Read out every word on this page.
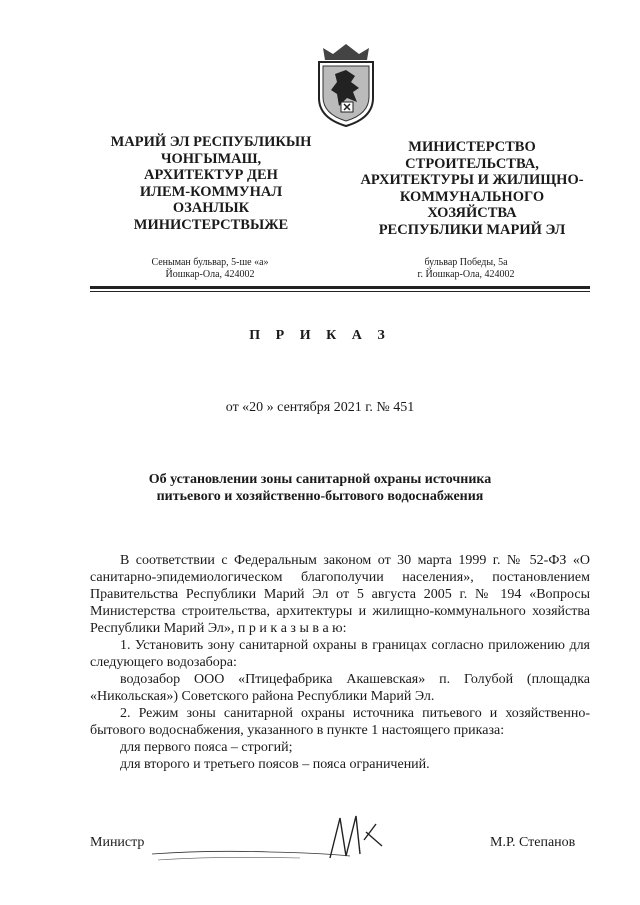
МАРИЙ ЭЛ РЕСПУБЛИКЫН
ЧОНГЫМАШ,
АРХИТЕКТУР ДЕН
ИЛЕМ-КОММУНАЛ
ОЗАНЛЫК
МИНИСТЕРСТВЫЖЕ
МИНИСТЕРСТВО
СТРОИТЕЛЬСТВА,
АРХИТЕКТУРЫ И ЖИЛИЩНО-
КОММУНАЛЬНОГО
ХОЗЯЙСТВА
РЕСПУБЛИКИ МАРИЙ ЭЛ
Сеныман бульвар, 5-ше «а»
Йошкар-Ола, 424002
бульвар Победы, 5а
г. Йошкар-Ола, 424002
П Р И К А З
от «20 » сентября 2021 г. № 451
Об установлении зоны санитарной охраны источника
питьевого и хозяйственно-бытового водоснабжения

В соответствии с Федеральным законом от 30 марта 1999 г. № 52-ФЗ «О санитарно-эпидемиологическом благополучии населения», постановлением Правительства Республики Марий Эл от 5 августа 2005 г. № 194 «Вопросы Министерства строительства, архитектуры и жилищно-коммунального хозяйства Республики Марий Эл», п р и к а з ы в а ю:

1. Установить зону санитарной охраны в границах согласно приложению для следующего водозабора:

водозабор ООО «Птицефабрика Акашевская» п. Голубой (площадка «Никольская») Советского района Республики Марий Эл.

2. Режим зоны санитарной охраны источника питьевого и хозяйственно-бытового водоснабжения, указанного в пункте 1 настоящего приказа:

для первого пояса – строгий;

для второго и третьего поясов – пояса ограничений.

Министр	М.Р. Степанов
